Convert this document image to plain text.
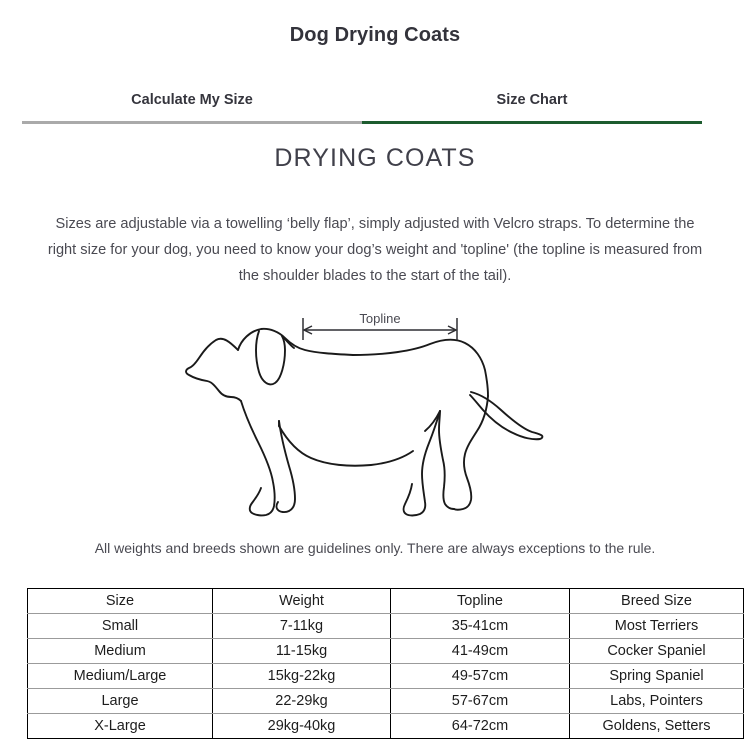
Dog Drying Coats
Calculate My Size	Size Chart
DRYING COATS

Sizes are adjustable via a towelling ‘belly flap’, simply adjusted with Velcro straps. To determine the right size for your dog, you need to know your dog’s weight and 'topline' (the topline is measured from the shoulder blades to the start of the tail).

Topline
All weights and breeds shown are guidelines only. There are always exceptions to the rule.
Size	Weight	Topline	Breed Size
Small	7-11kg	35-41cm	Most Terriers
Medium	11-15kg	41-49cm	Cocker Spaniel
Medium/Large	15kg-22kg	49-57cm	Spring Spaniel
Large	22-29kg	57-67cm	Labs, Pointers
X-Large	29kg-40kg	64-72cm	Goldens, Setters
